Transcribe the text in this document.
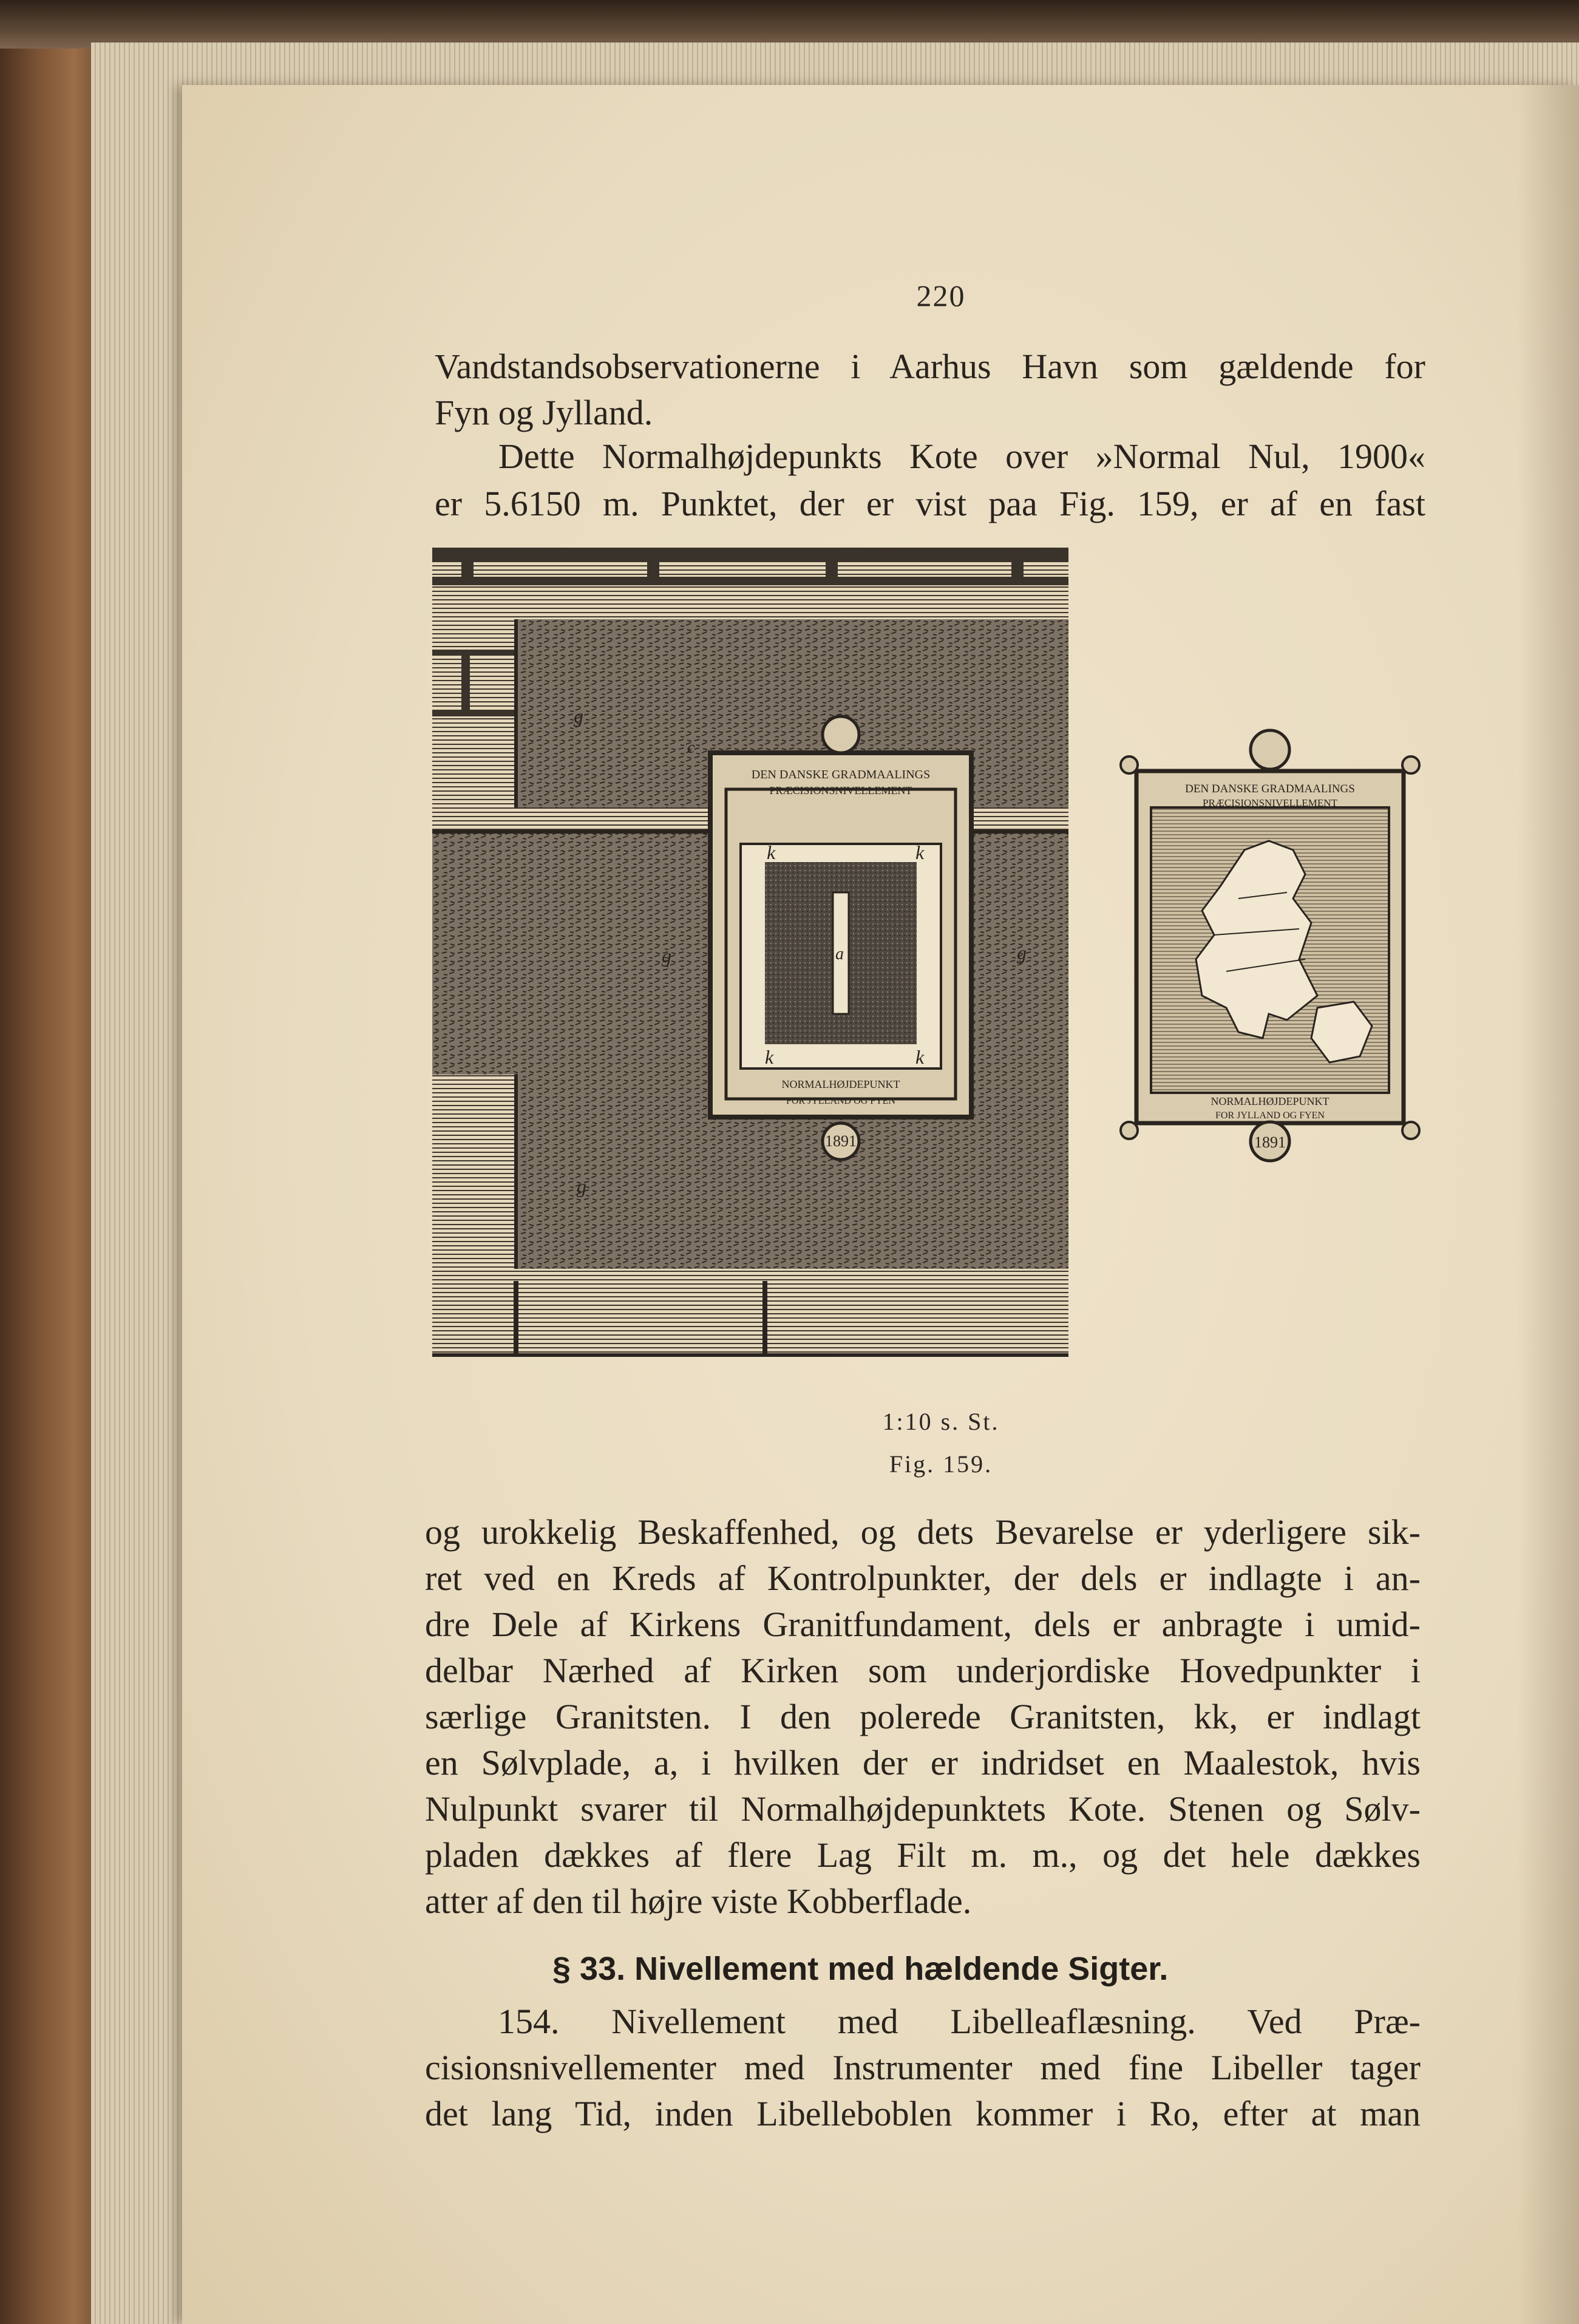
220
Vandstandsobservationerne i Aarhus Havn som gældende for
Fyn og Jylland.
Dette Normalhøjdepunkts Kote over »Normal Nul, 1900«
er 5.6150 m. Punktet, der er vist paa Fig. 159, er af en fast
DEN DANSKE GRADMAALINGS
PRÆCISIONSNIVELLEMENT
NORMALHØJDEPUNKT
FOR JYLLAND OG FYEN
1891
k	k
k	k
a
g
g	g
g
c
DEN DANSKE GRADMAALINGS
PRÆCISIONSNIVELLEMENT
NORMALHØJDEPUNKT
FOR JYLLAND OG FYEN
1891
1:10 s. St.
Fig. 159.
og urokkelig Beskaffenhed, og dets Bevarelse er yderligere sik-
ret ved en Kreds af Kontrolpunkter, der dels er indlagte i an-
dre Dele af Kirkens Granitfundament, dels er anbragte i umid-
delbar Nærhed af Kirken som underjordiske Hovedpunkter i
særlige Granitsten. I den polerede Granitsten, kk, er indlagt
en Sølvplade, a, i hvilken der er indridset en Maalestok, hvis
Nulpunkt svarer til Normalhøjdepunktets Kote. Stenen og Sølv-
pladen dækkes af flere Lag Filt m. m., og det hele dækkes
atter af den til højre viste Kobberflade.
§ 33. Nivellement med hældende Sigter.
154. Nivellement med Libelleaflæsning. Ved Præ-
cisionsnivellementer med Instrumenter med fine Libeller tager
det lang Tid, inden Libelleboblen kommer i Ro, efter at man
